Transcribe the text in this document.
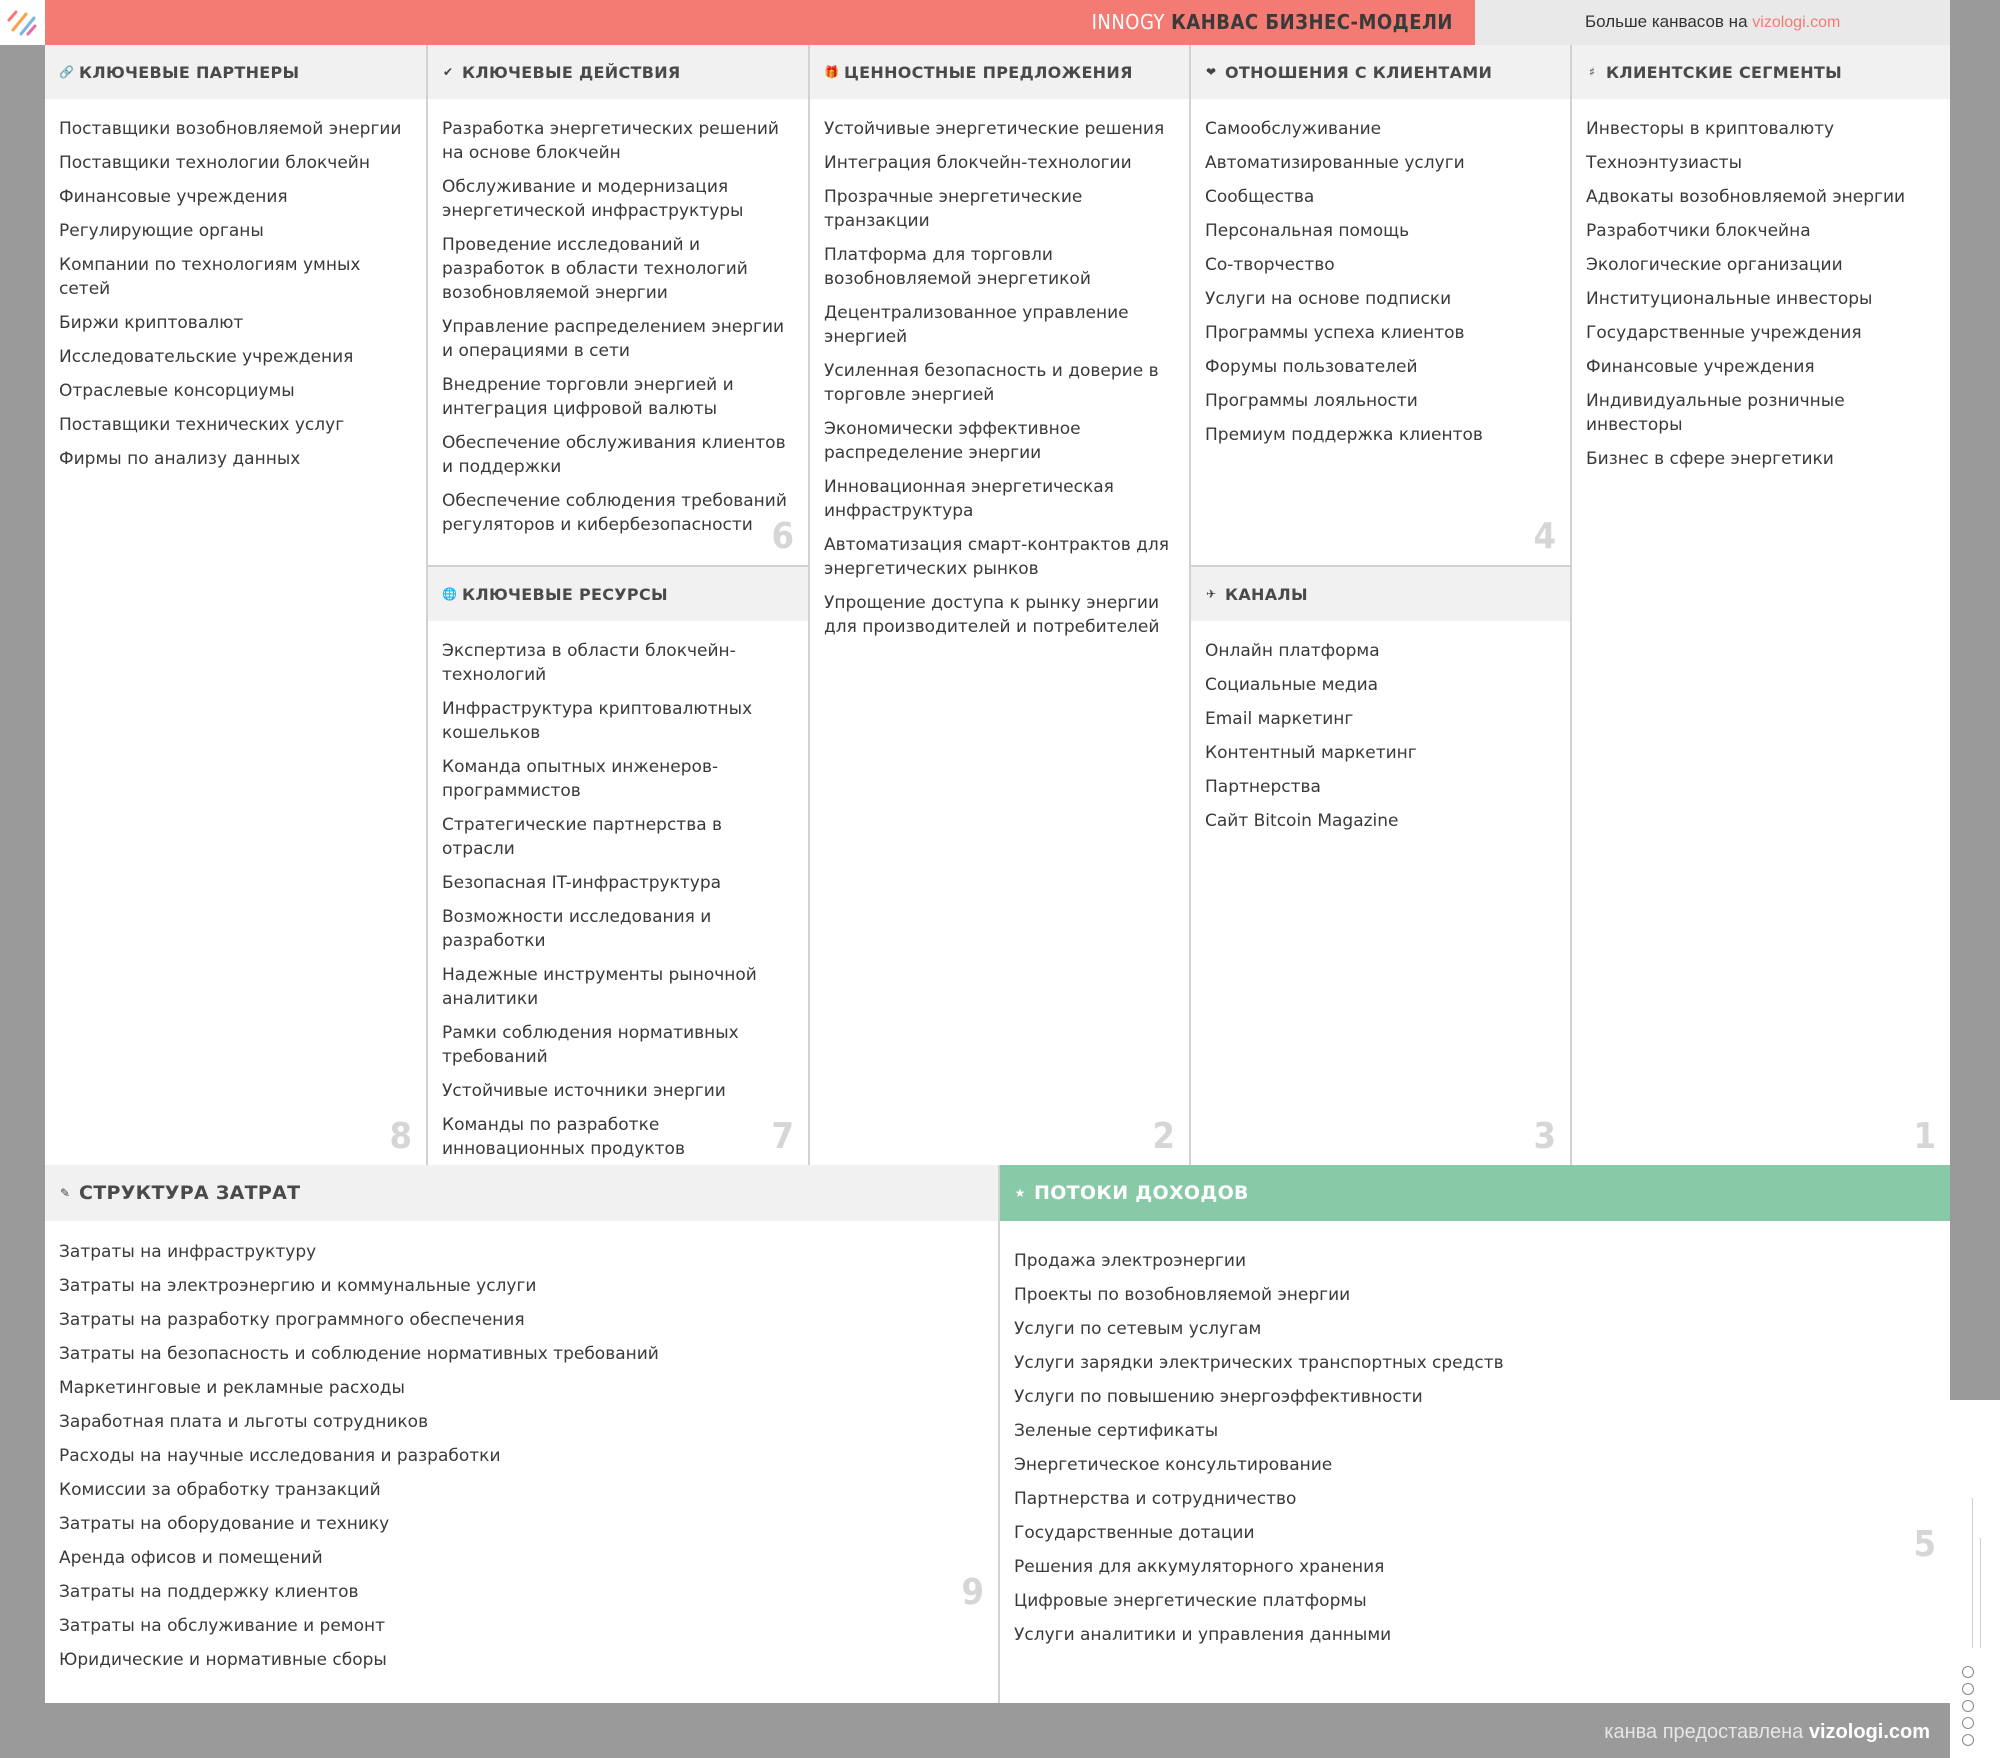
INNOGY КАНВАС БИЗНЕС-МОДЕЛИ	Больше канвасов на vizologi.com
🔗 КЛЮЧЕВЫЕ ПАРТНЕРЫ
Поставщики возобновляемой энергии
Поставщики технологии блокчейн
Финансовые учреждения
Регулирующие органы
Компании по технологиям умных сетей
Биржи криптовалют
Исследовательские учреждения
Отраслевые консорциумы
Поставщики технических услуг
Фирмы по анализу данных
8
✔ КЛЮЧЕВЫЕ ДЕЙСТВИЯ
Разработка энергетических решений на основе блокчейн
Обслуживание и модернизация энергетической инфраструктуры
Проведение исследований и разработок в области технологий возобновляемой энергии
Управление распределением энергии и операциями в сети
Внедрение торговли энергией и интеграция цифровой валюты
Обеспечение обслуживания клиентов и поддержки
Обеспечение соблюдения требований регуляторов и кибербезопасности 6
🌐 КЛЮЧЕВЫЕ РЕСУРСЫ
Экспертиза в области блокчейн-технологий
Инфраструктура криптовалютных кошельков
Команда опытных инженеров-программистов
Стратегические партнерства в отрасли
Безопасная IT-инфраструктура
Возможности исследования и разработки
Надежные инструменты рыночной аналитики
Рамки соблюдения нормативных требований
Устойчивые источники энергии
Команды по разработке инновационных продуктов	7
🎁 ЦЕННОСТНЫЕ ПРЕДЛОЖЕНИЯ
Устойчивые энергетические решения
Интеграция блокчейн-технологии
Прозрачные энергетические транзакции
Платформа для торговли возобновляемой энергетикой
Децентрализованное управление энергией
Усиленная безопасность и доверие в торговле энергией
Экономически эффективное распределение энергии
Инновационная энергетическая инфраструктура
Автоматизация смарт-контрактов для энергетических рынков
Упрощение доступа к рынку энергии для производителей и потребителей
2
❤ ОТНОШЕНИЯ С КЛИЕНТАМИ
Самообслуживание
Автоматизированные услуги
Сообщества
Персональная помощь
Со-творчество
Услуги на основе подписки
Программы успеха клиентов
Форумы пользователей
Программы лояльности
Премиум поддержка клиентов
4
✈ КАНАЛЫ
Онлайн платформа
Социальные медиа
Email маркетинг
Контентный маркетинг
Партнерства
Сайт Bitcoin Magazine
3
♯ КЛИЕНТСКИЕ СЕГМЕНТЫ
Инвесторы в криптовалюту
Техноэнтузиасты
Адвокаты возобновляемой энергии
Разработчики блокчейна
Экологические организации
Институциональные инвесторы
Государственные учреждения
Финансовые учреждения
Индивидуальные розничные инвесторы
Бизнес в сфере энергетики
1
✎ СТРУКТУРА ЗАТРАТ
Затраты на инфраструктуру
Затраты на электроэнергию и коммунальные услуги
Затраты на разработку программного обеспечения
Затраты на безопасность и соблюдение нормативных требований
Маркетинговые и рекламные расходы
Заработная плата и льготы сотрудников
Расходы на научные исследования и разработки
Комиссии за обработку транзакций
Затраты на оборудование и технику
Аренда офисов и помещений
Затраты на поддержку клиентов
Затраты на обслуживание и ремонт
Юридические и нормативные сборы
9
★ ПОТОКИ ДОХОДОВ
Продажа электроэнергии
Проекты по возобновляемой энергии
Услуги по сетевым услугам
Услуги зарядки электрических транспортных средств
Услуги по повышению энергоэффективности
Зеленые сертификаты
Энергетическое консультирование
Партнерства и сотрудничество
Государственные дотации
Решения для аккумуляторного хранения
Цифровые энергетические платформы
Услуги аналитики и управления данными
5
канва предоставлена vizologi.com
